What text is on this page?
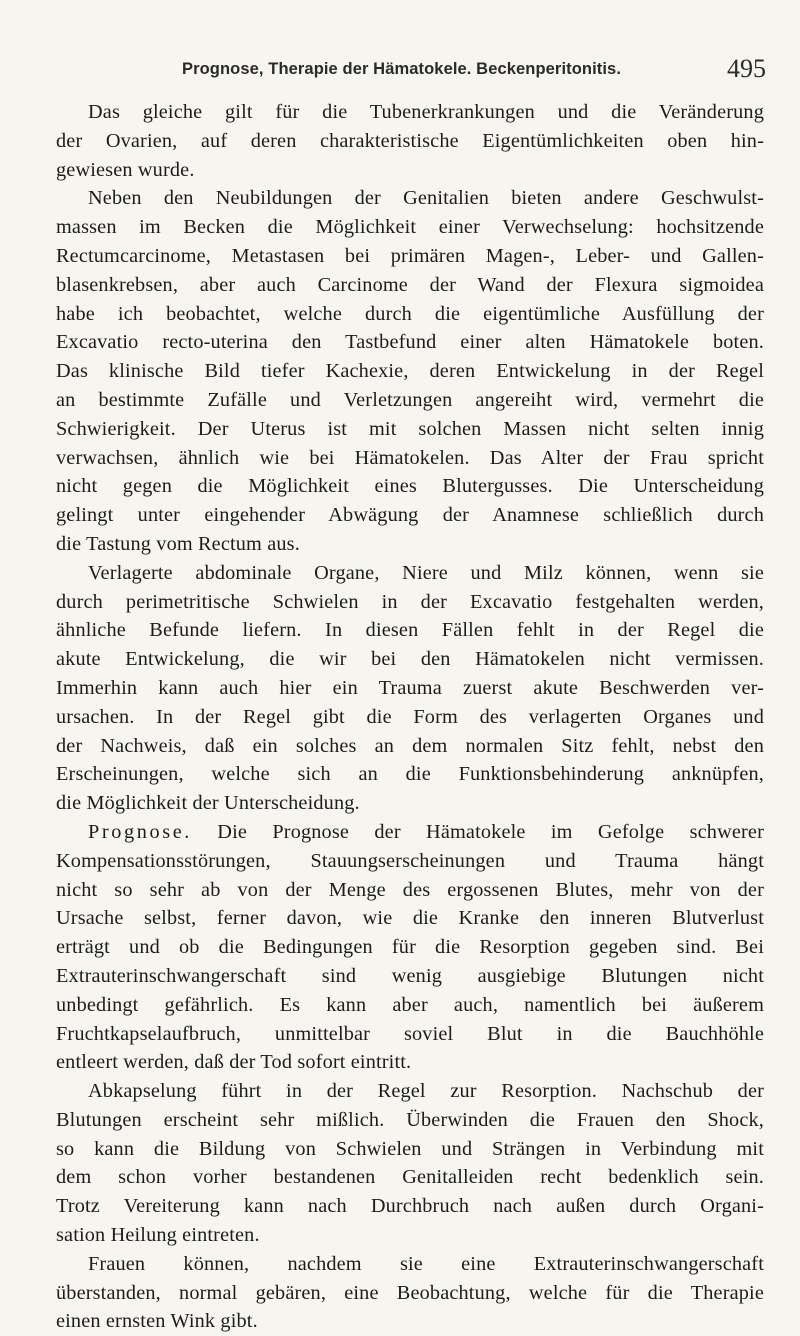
Prognose, Therapie der Hämatokele. Beckenperitonitis.	495
Das gleiche gilt für die Tubenerkrankungen und die Veränderung
der Ovarien, auf deren charakteristische Eigentümlichkeiten oben hin-
gewiesen wurde.
Neben den Neubildungen der Genitalien bieten andere Geschwulst-
massen im Becken die Möglichkeit einer Verwechselung: hochsitzende
Rectumcarcinome, Metastasen bei primären Magen-, Leber- und Gallen-
blasenkrebsen, aber auch Carcinome der Wand der Flexura sigmoidea
habe ich beobachtet, welche durch die eigentümliche Ausfüllung der
Excavatio recto-uterina den Tastbefund einer alten Hämatokele boten.
Das klinische Bild tiefer Kachexie, deren Entwickelung in der Regel
an bestimmte Zufälle und Verletzungen angereiht wird, vermehrt die
Schwierigkeit. Der Uterus ist mit solchen Massen nicht selten innig
verwachsen, ähnlich wie bei Hämatokelen. Das Alter der Frau spricht
nicht gegen die Möglichkeit eines Blutergusses. Die Unterscheidung
gelingt unter eingehender Abwägung der Anamnese schließlich durch
die Tastung vom Rectum aus.
Verlagerte abdominale Organe, Niere und Milz können, wenn sie
durch perimetritische Schwielen in der Excavatio festgehalten werden,
ähnliche Befunde liefern. In diesen Fällen fehlt in der Regel die
akute Entwickelung, die wir bei den Hämatokelen nicht vermissen.
Immerhin kann auch hier ein Trauma zuerst akute Beschwerden ver-
ursachen. In der Regel gibt die Form des verlagerten Organes und
der Nachweis, daß ein solches an dem normalen Sitz fehlt, nebst den
Erscheinungen, welche sich an die Funktionsbehinderung anknüpfen,
die Möglichkeit der Unterscheidung.
Prognose. Die Prognose der Hämatokele im Gefolge schwerer
Kompensationsstörungen, Stauungserscheinungen und Trauma hängt
nicht so sehr ab von der Menge des ergossenen Blutes, mehr von der
Ursache selbst, ferner davon, wie die Kranke den inneren Blutverlust
erträgt und ob die Bedingungen für die Resorption gegeben sind. Bei
Extrauterinschwangerschaft sind wenig ausgiebige Blutungen nicht
unbedingt gefährlich. Es kann aber auch, namentlich bei äußerem
Fruchtkapselaufbruch, unmittelbar soviel Blut in die Bauchhöhle
entleert werden, daß der Tod sofort eintritt.
Abkapselung führt in der Regel zur Resorption. Nachschub der
Blutungen erscheint sehr mißlich. Überwinden die Frauen den Shock,
so kann die Bildung von Schwielen und Strängen in Verbindung mit
dem schon vorher bestandenen Genitalleiden recht bedenklich sein.
Trotz Vereiterung kann nach Durchbruch nach außen durch Organi-
sation Heilung eintreten.
Frauen können, nachdem sie eine Extrauterinschwangerschaft
überstanden, normal gebären, eine Beobachtung, welche für die Therapie
einen ernsten Wink gibt.
